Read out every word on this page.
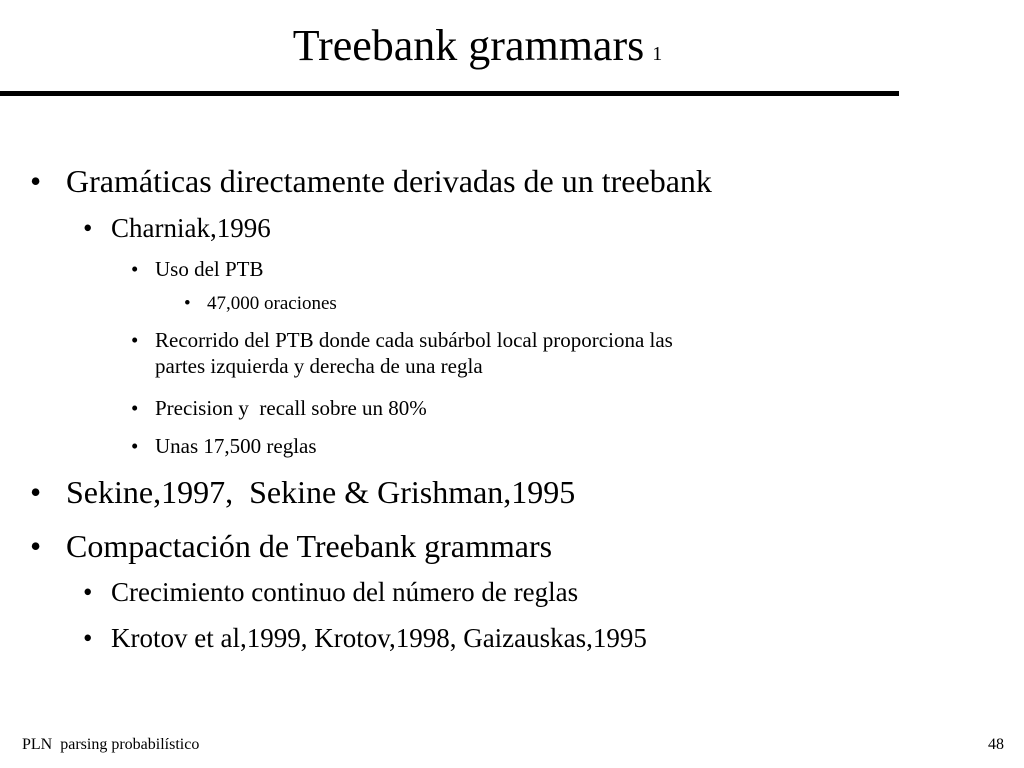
Treebank grammars 1
• Gramáticas directamente derivadas de un treebank
• Charniak,1996
• Uso del PTB
• 47,000 oraciones
• Recorrido del PTB donde cada subárbol local proporciona las
partes izquierda y derecha de una regla
• Precision y  recall sobre un 80%
• Unas 17,500 reglas
• Sekine,1997,  Sekine & Grishman,1995
• Compactación de Treebank grammars
• Crecimiento continuo del número de reglas
• Krotov et al,1999, Krotov,1998, Gaizauskas,1995
PLN  parsing probabilístico	48
